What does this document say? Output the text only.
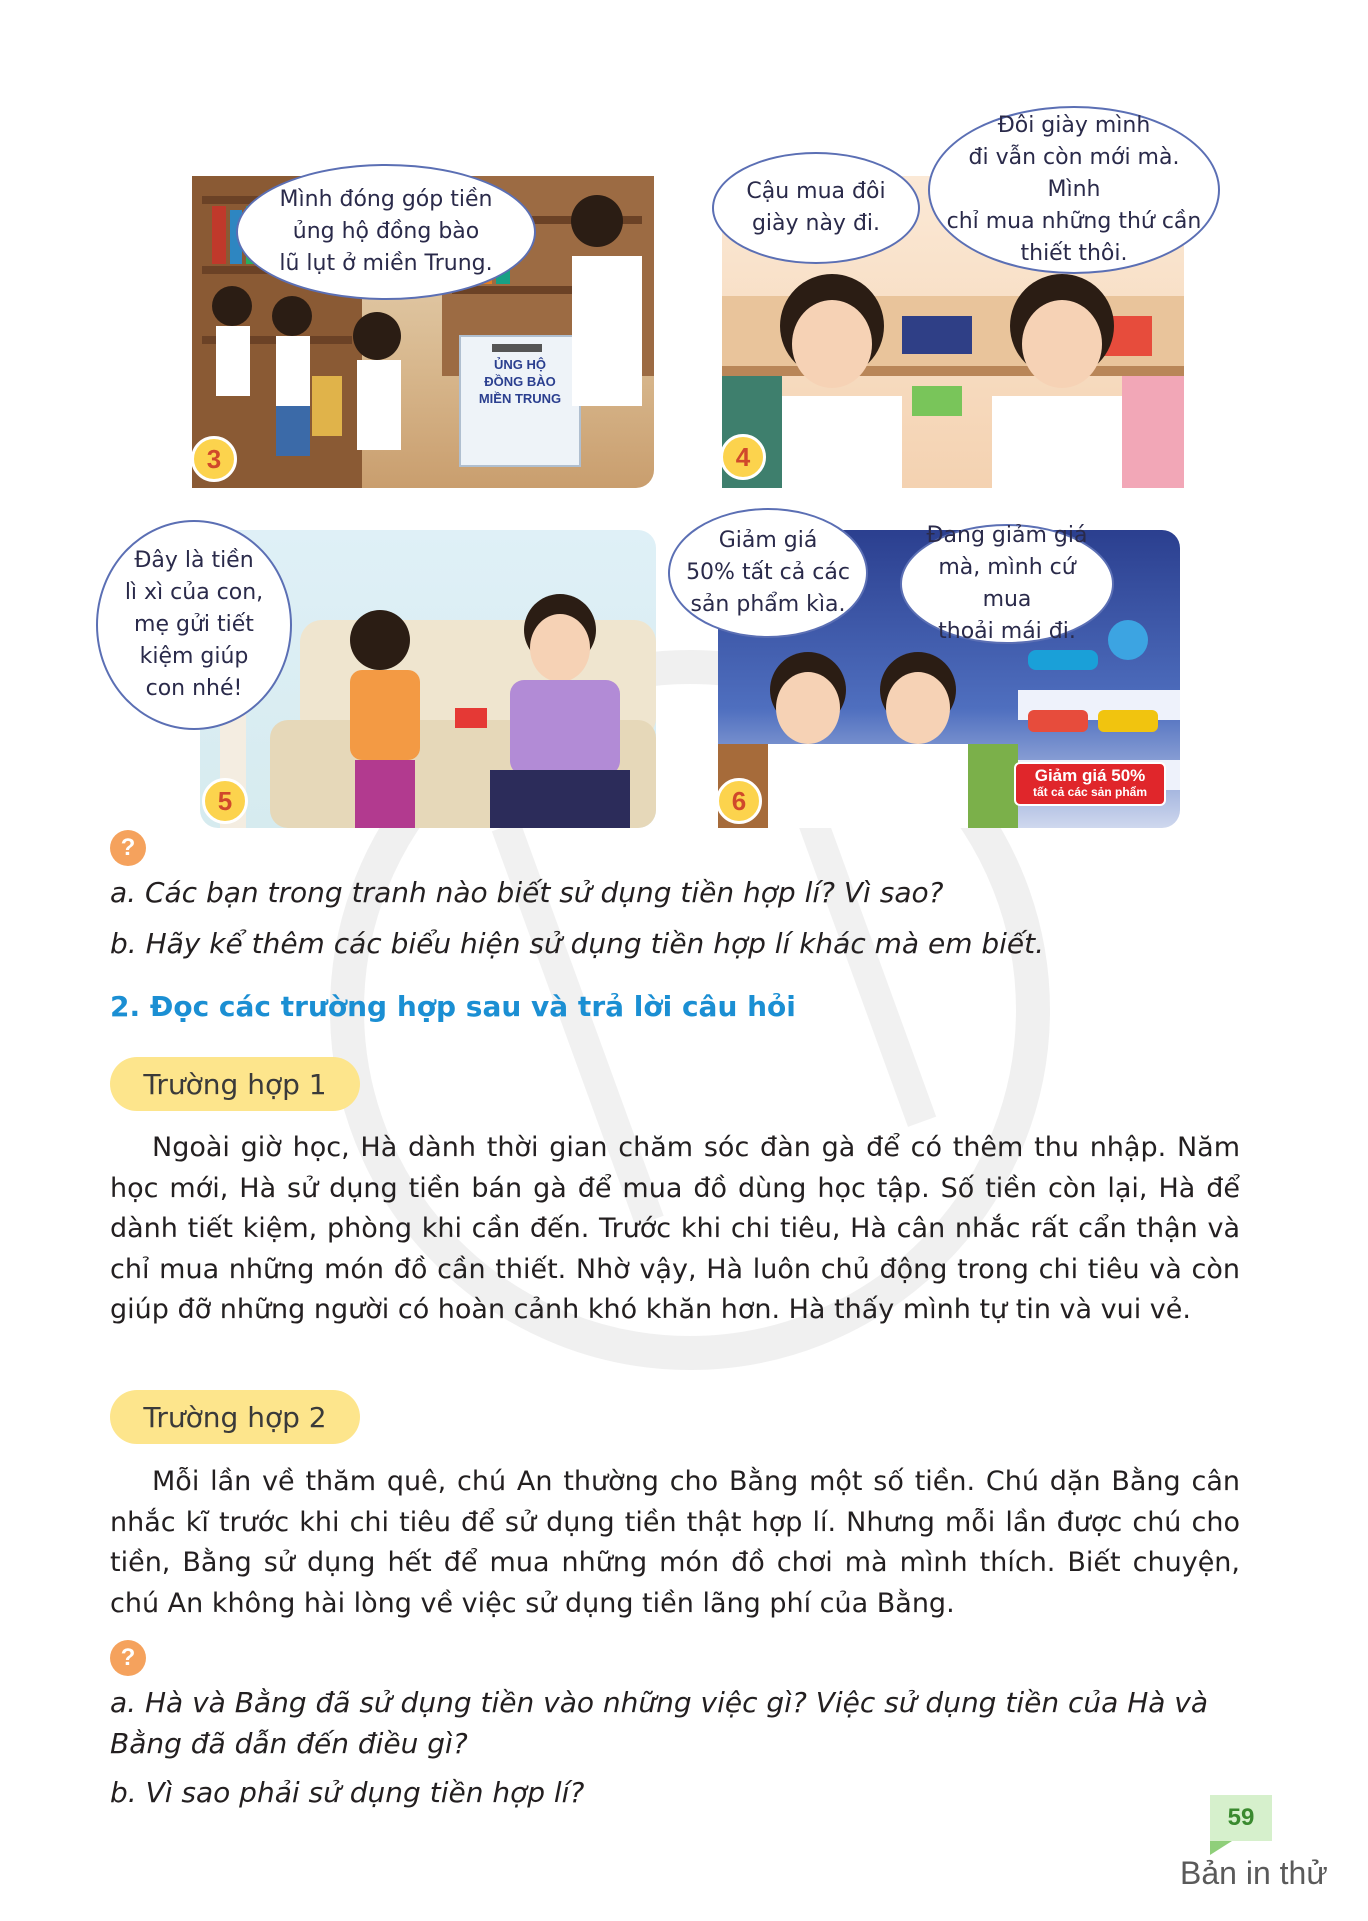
ỦNG HỘ
ĐỒNG BÀO
MIỀN TRUNG
Mình đóng góp tiền
ủng hộ đồng bào
lũ lụt ở miền Trung.
3
Cậu mua đôi
giày này đi.
Đôi giày mình
đi vẫn còn mới mà. Mình
chỉ mua những thứ cần
thiết thôi.
4
Đây là tiền
lì xì của con,
mẹ gửi tiết
kiệm giúp
con nhé!
5
Giảm giá 50%
tất cả các sản phẩm
Giảm giá
50% tất cả các
sản phẩm kìa.
Đang giảm giá
mà, mình cứ mua
thoải mái đi.
6
?
a. Các bạn trong tranh nào biết sử dụng tiền hợp lí? Vì sao?
b. Hãy kể thêm các biểu hiện sử dụng tiền hợp lí khác mà em biết.
2. Đọc các trường hợp sau và trả lời câu hỏi
Trường hợp 1
Ngoài giờ học, Hà dành thời gian chăm sóc đàn gà để có thêm thu nhập. Năm học mới, Hà sử dụng tiền bán gà để mua đồ dùng học tập. Số tiền còn lại, Hà để dành tiết kiệm, phòng khi cần đến. Trước khi chi tiêu, Hà cân nhắc rất cẩn thận và chỉ mua những món đồ cần thiết. Nhờ vậy, Hà luôn chủ động trong chi tiêu và còn giúp đỡ những người có hoàn cảnh khó khăn hơn. Hà thấy mình tự tin và vui vẻ.
Trường hợp 2
Mỗi lần về thăm quê, chú An thường cho Bằng một số tiền. Chú dặn Bằng cân nhắc kĩ trước khi chi tiêu để sử dụng tiền thật hợp lí. Nhưng mỗi lần được chú cho tiền, Bằng sử dụng hết để mua những món đồ chơi mà mình thích. Biết chuyện, chú An không hài lòng về việc sử dụng tiền lãng phí của Bằng.
?
a. Hà và Bằng đã sử dụng tiền vào những việc gì? Việc sử dụng tiền của Hà và
Bằng đã dẫn đến điều gì?
b. Vì sao phải sử dụng tiền hợp lí?
59
Bản in thử
